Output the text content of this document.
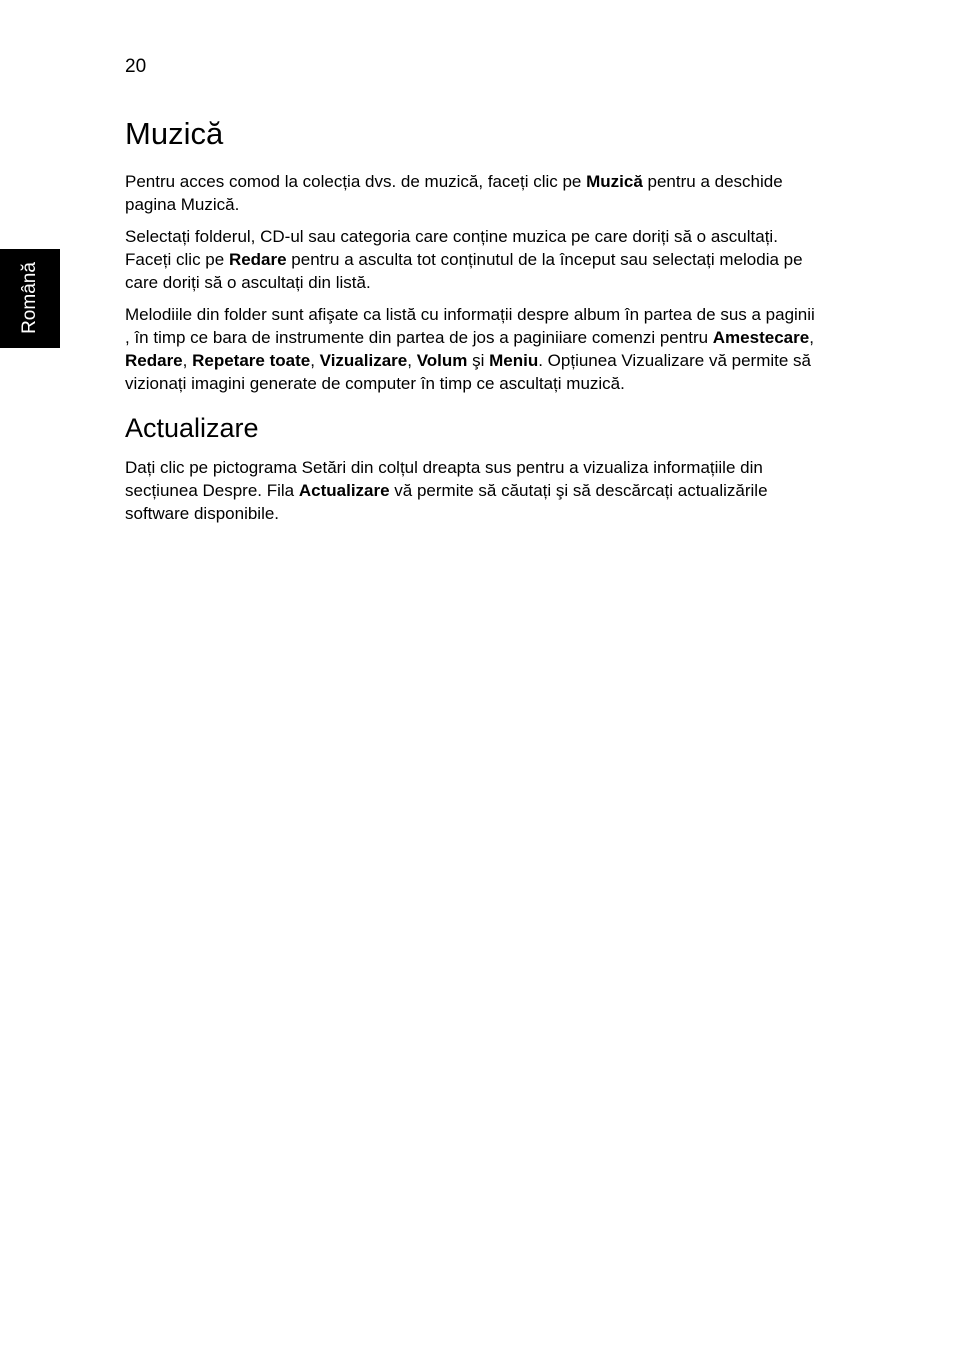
20
Română
Muzică

Pentru acces comod la colecția dvs. de muzică, faceți clic pe Muzică pentru a deschide pagina Muzică.

Selectați folderul, CD-ul sau categoria care conține muzica pe care doriți să o ascultați. Faceți clic pe Redare pentru a asculta tot conținutul de la început sau selectați melodia pe care doriți să o ascultați din listă.

Melodiile din folder sunt afişate ca listă cu informații despre album în partea de sus a paginii , în timp ce bara de instrumente din partea de jos a paginiiare comenzi pentru Amestecare, Redare, Repetare toate, Vizualizare, Volum şi Meniu. Opțiunea Vizualizare vă permite să vizionați imagini generate de computer în timp ce ascultați muzică.

Actualizare

Dați clic pe pictograma Setări din colțul dreapta sus pentru a vizualiza informațiile din secțiunea Despre. Fila Actualizare vă permite să căutați şi să descărcați actualizările software disponibile.
